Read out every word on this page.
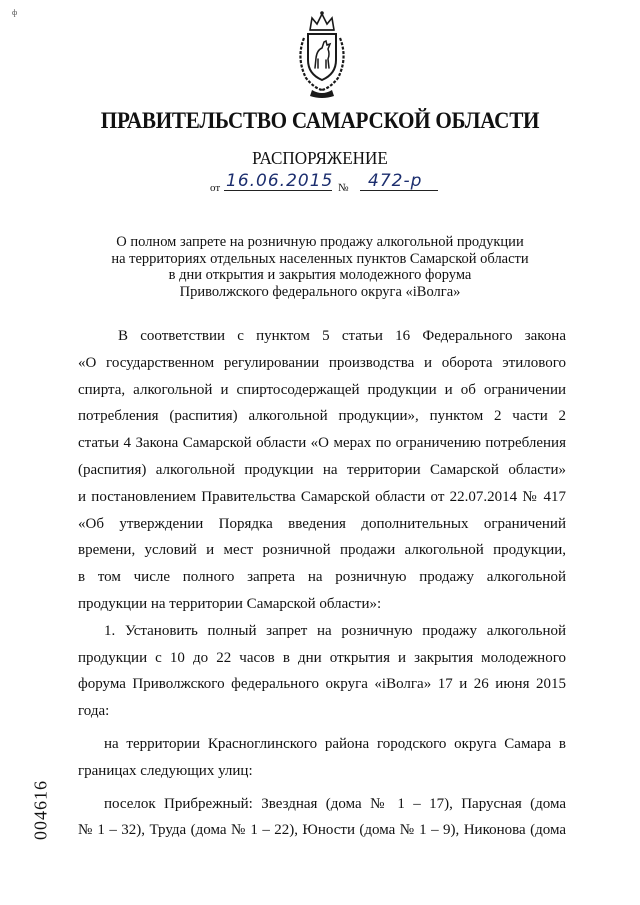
ф
ПРАВИТЕЛЬСТВО САМАРСКОЙ ОБЛАСТИ
РАСПОРЯЖЕНИЕ
от 16.06.2015 № 472-р
О полном запрете на розничную продажу алкогольной продукции
на территориях отдельных населенных пунктов Самарской области
в дни открытия и закрытия молодежного форума
Приволжского федерального округа «iВолга»
В соответствии с пунктом 5 статьи 16 Федерального закона
«О государственном регулировании производства и оборота этилового
спирта, алкогольной и спиртосодержащей продукции и об ограничении
потребления (распития) алкогольной продукции», пунктом 2 части 2
статьи 4 Закона Самарской области «О мерах по ограничению потребления
(распития) алкогольной продукции на территории Самарской области»
и постановлением Правительства Самарской области от 22.07.2014 № 417
«Об утверждении Порядка введения дополнительных ограничений
времени, условий и мест розничной продажи алкогольной продукции,
в том числе полного запрета на розничную продажу алкогольной
продукции на территории Самарской области»:
1. Установить полный запрет на розничную продажу алкогольной
продукции с 10 до 22 часов в дни открытия и закрытия молодежного
форума Приволжского федерального округа «iВолга» 17 и 26 июня 2015
года:
на территории Красноглинского района городского округа Самара в
границах следующих улиц:
поселок Прибрежный: Звездная (дома № 1 – 17), Парусная (дома
№ 1 – 32), Труда (дома № 1 – 22), Юности (дома № 1 – 9), Никонова (дома
004616
